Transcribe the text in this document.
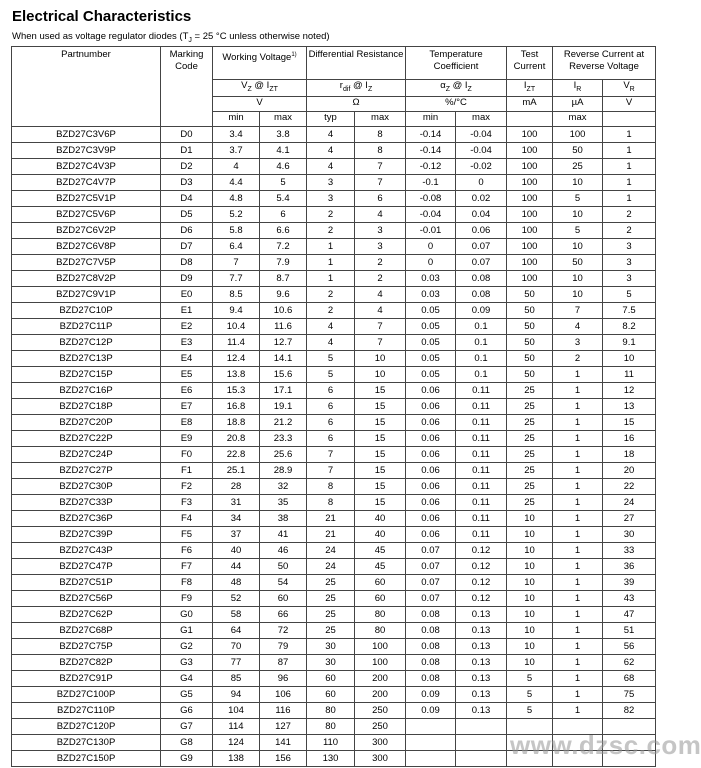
Electrical Characteristics
When used as voltage regulator diodes ($T_J = 25$ °C unless otherwise noted)
Partnumber	Marking Code	Working Voltage$^{1)}$		Differential Resistance		Temperature Coefficient		Test Current	Reverse Current at Reverse Voltage	
		$V_Z$ @ $I_{ZT}$		$r_{dif}$ @ $I_Z$		$\alpha_Z$ @ $I_Z$		$I_{ZT}$	$I_R$	$V_R$
		V		Ω		%/°C		mA	µA	V
		min	max	typ	max	min	max		max	
BZD27C3V6P	D0	3.4	3.8	4	8	-0.14	-0.04	100	100	1
BZD27C3V9P	D1	3.7	4.1	4	8	-0.14	-0.04	100	50	1
BZD27C4V3P	D2	4	4.6	4	7	-0.12	-0.02	100	25	1
BZD27C4V7P	D3	4.4	5	3	7	-0.1	0	100	10	1
BZD27C5V1P	D4	4.8	5.4	3	6	-0.08	0.02	100	5	1
BZD27C5V6P	D5	5.2	6	2	4	-0.04	0.04	100	10	2
BZD27C6V2P	D6	5.8	6.6	2	3	-0.01	0.06	100	5	2
BZD27C6V8P	D7	6.4	7.2	1	3	0	0.07	100	10	3
BZD27C7V5P	D8	7	7.9	1	2	0	0.07	100	50	3
BZD27C8V2P	D9	7.7	8.7	1	2	0.03	0.08	100	10	3
BZD27C9V1P	E0	8.5	9.6	2	4	0.03	0.08	50	10	5
BZD27C10P	E1	9.4	10.6	2	4	0.05	0.09	50	7	7.5
BZD27C11P	E2	10.4	11.6	4	7	0.05	0.1	50	4	8.2
BZD27C12P	E3	11.4	12.7	4	7	0.05	0.1	50	3	9.1
BZD27C13P	E4	12.4	14.1	5	10	0.05	0.1	50	2	10
BZD27C15P	E5	13.8	15.6	5	10	0.05	0.1	50	1	11
BZD27C16P	E6	15.3	17.1	6	15	0.06	0.11	25	1	12
BZD27C18P	E7	16.8	19.1	6	15	0.06	0.11	25	1	13
BZD27C20P	E8	18.8	21.2	6	15	0.06	0.11	25	1	15
BZD27C22P	E9	20.8	23.3	6	15	0.06	0.11	25	1	16
BZD27C24P	F0	22.8	25.6	7	15	0.06	0.11	25	1	18
BZD27C27P	F1	25.1	28.9	7	15	0.06	0.11	25	1	20
BZD27C30P	F2	28	32	8	15	0.06	0.11	25	1	22
BZD27C33P	F3	31	35	8	15	0.06	0.11	25	1	24
BZD27C36P	F4	34	38	21	40	0.06	0.11	10	1	27
BZD27C39P	F5	37	41	21	40	0.06	0.11	10	1	30
BZD27C43P	F6	40	46	24	45	0.07	0.12	10	1	33
BZD27C47P	F7	44	50	24	45	0.07	0.12	10	1	36
BZD27C51P	F8	48	54	25	60	0.07	0.12	10	1	39
BZD27C56P	F9	52	60	25	60	0.07	0.12	10	1	43
BZD27C62P	G0	58	66	25	80	0.08	0.13	10	1	47
BZD27C68P	G1	64	72	25	80	0.08	0.13	10	1	51
BZD27C75P	G2	70	79	30	100	0.08	0.13	10	1	56
BZD27C82P	G3	77	87	30	100	0.08	0.13	10	1	62
BZD27C91P	G4	85	96	60	200	0.08	0.13	5	1	68
BZD27C100P	G5	94	106	60	200	0.09	0.13	5	1	75
BZD27C110P	G6	104	116	80	250	0.09	0.13	5	1	82
BZD27C120P	G7	114	127	80	250					
BZD27C130P	G8	124	141	110	300					
BZD27C150P	G9	138	156	130	300						www.dzsc.com
